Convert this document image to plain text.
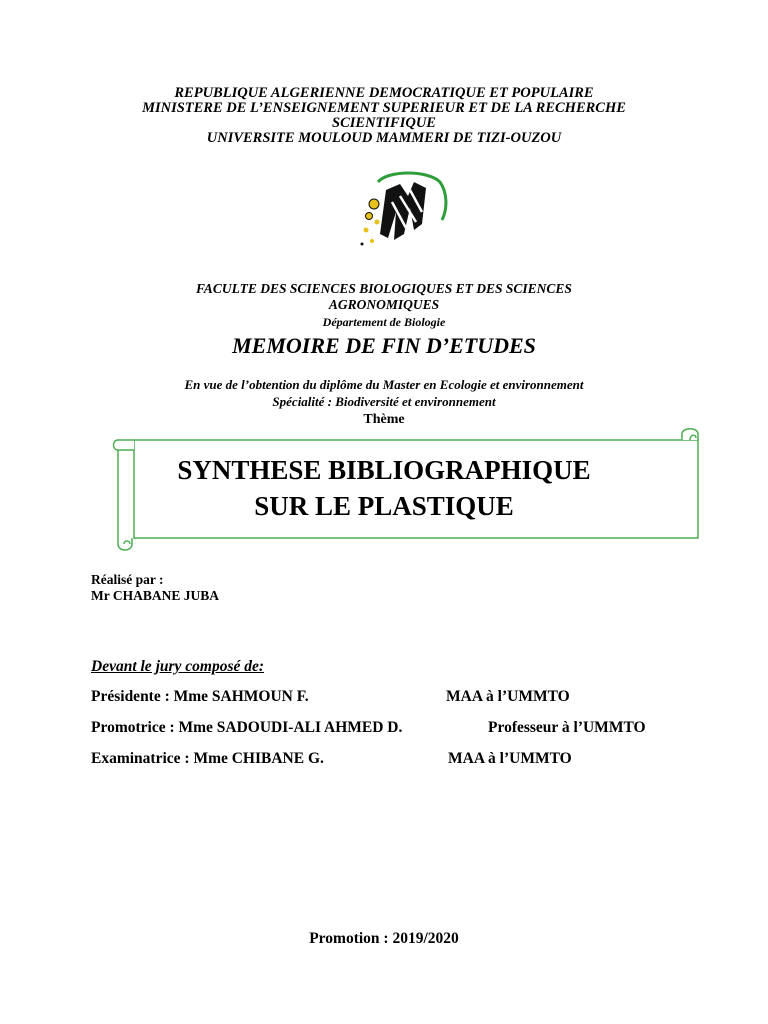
REPUBLIQUE ALGERIENNE DEMOCRATIQUE ET POPULAIRE
MINISTERE DE L’ENSEIGNEMENT SUPERIEUR ET DE LA RECHERCHE
SCIENTIFIQUE
UNIVERSITE MOULOUD MAMMERI DE TIZI-OUZOU
FACULTE DES SCIENCES BIOLOGIQUES ET DES SCIENCES
AGRONOMIQUES
Département de Biologie
MEMOIRE DE FIN D’ETUDES
En vue de l’obtention du diplôme du Master en Ecologie et environnement
Spécialité : Biodiversité et environnement
Thème
SYNTHESE BIBLIOGRAPHIQUE
SUR LE PLASTIQUE
Réalisé par :
Mr CHABANE JUBA
Devant le jury composé de:
Présidente : Mme SAHMOUN F.	MAA à l’UMMTO
Promotrice : Mme SADOUDI-ALI AHMED D.	Professeur à l’UMMTO
Examinatrice : Mme CHIBANE G.	MAA à l’UMMTO
Promotion : 2019/2020
